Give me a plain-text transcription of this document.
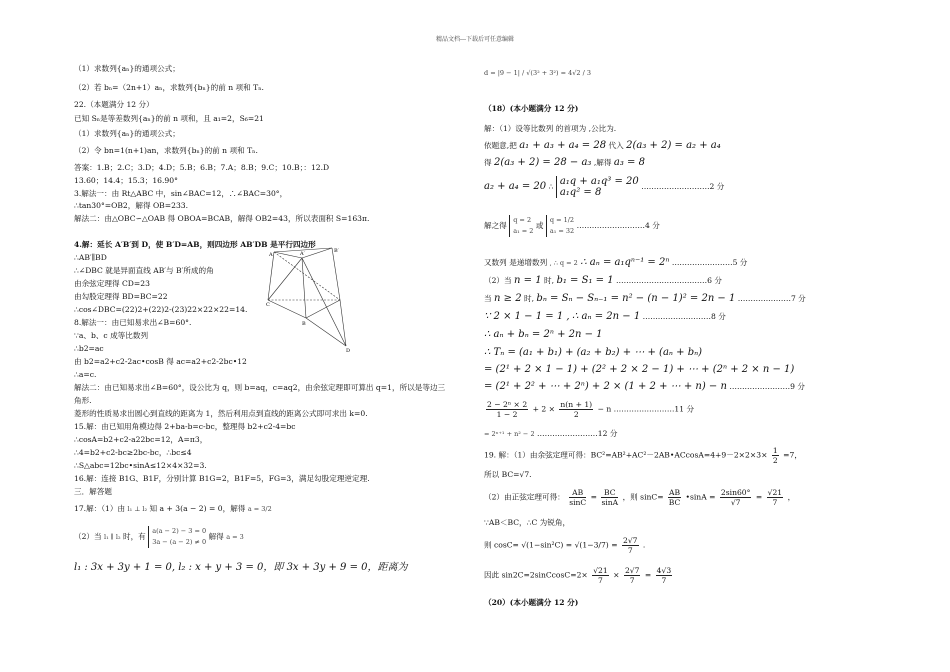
精品文档---下载后可任意编辑
（1）求数列{aₙ}的通项公式；
（2）若 bₙ=（2n+1）aₙ，求数列{bₙ}的前 n 项和 Tₙ.
22.（本题满分 12 分）
已知 Sₙ是等差数列{aₙ}的前 n 项和，且 a₁=2，S₆=21
（1）求数列{aₙ}的通项公式；
（2）令 bn=1(n+1)an，求数列{bₙ}的前 n 项和 Tₙ.
答案：1.B；2.C；3.D；4.D；5.B；6.B；7.A；8.B；9.C；10.B；：12.D
13.60；14.4；15.3；16.90°
3.解法一：由 Rt△ABC 中，sin∠BAC=12，∴∠BAC=30°，
∴tan30°=OB2，解得 OB=233.
解法二：由△OBC∽△OAB 得 OBOA=BCAB，解得 OB2=43，所以表面积 S=163π.
4.解：延长 A′B′到 D，使 B′D=AB，则四边形 AB′DB 是平行四边形
∴AB′∥BD
∴∠DBC 就是异面直线 AB′与 B′所成的角
由余弦定理得 CD=23
由勾股定理得 BD=BC=22
∴cos∠DBC=(22)2+(22)2-(23)22×22×22=14.
8.解法一：由已知易求出∠B=60°.
∵a、b、c 成等比数列
∴b2=ac
由 b2=a2+c2-2ac•cosB 得 ac=a2+c2-2bc•12
∴a=c.
解法二：由已知易求出∠B=60°，设公比为 q，则 b=aq，c=aq2，由余弦定理即可算出 q=1，所以是等边三
角形.
菱形的性质易求出圆心到直线的距离为 1，然后利用点到直线的距离公式即可求出 k=0.
15.解：由已知用角模边得 2+ba-b=c-bc，整理得 b2+c2-4=bc
∴cosA=b2+c2-a22bc=12，A=π3，
∴4=b2+c2-bc≥2bc-bc，∴bc≤4
∴S△abc=12bc•sinA≤12×4×32=3.
16.解：连接 B1G、B1F，分别计算 B1G=2，B1F=5，FG=3，满足勾股定理逆定理.
三．解答题
17.解：（1）由 l₁ ⊥ l₂ 知 a + 3(a − 2) = 0，解得 a = 3/2
（2）当 l₁ ∥ l₂ 时，有
a(a − 2) − 3 = 0
3a − (a − 2) ≠ 0
解得 a = 3
l₁ : 3x + 3y + 1 = 0, l₂ : x + y + 3 = 0，即 3x + 3y + 9 = 0，距离为
A	A′	B′
C
B
D
d = |9 − 1| / √(3² + 3²) = 4√2 / 3
（18）(本小题满分 12 分)
解：（1）设等比数列 的首项为 ,公比为.
依题意,把 a₁ + a₃ + a₄ = 28 代入 2(a₃ + 2) = a₂ + a₄
得 2(a₃ + 2) = 28 − a₃ ,解得 a₃ = 8
a₂ + a₄ = 20 ∴ a₁q + a₁q³ = 20
a₁q² = 8
………………………2 分
解之得
q = 2
a₁ = 2
或
q = 1/2
a₁ = 32
………………………4 分
又数列 是递增数列 , ∴ q = 2 ∴ aₙ = a₁qⁿ⁻¹ = 2ⁿ ……………………5 分
（2）当 n = 1 时, b₁ = S₁ = 1 ………………………………6 分
当 n ≥ 2 时, bₙ = Sₙ − Sₙ₋₁ = n² − (n − 1)² = 2n − 1 …………………7 分
∵ 2 × 1 − 1 = 1 , ∴ aₙ = 2n − 1 ………………………8 分
∴ aₙ + bₙ = 2ⁿ + 2n − 1
∴ Tₙ = (a₁ + b₁) + (a₂ + b₂) + ⋯ + (aₙ + bₙ)
= (2¹ + 2 × 1 − 1) + (2² + 2 × 2 − 1) + ⋯ + (2ⁿ + 2 × n − 1)
= (2¹ + 2² + ⋯ + 2ⁿ) + 2 × (1 + 2 + ⋯ + n) − n ……………………9 分
$\frac{\text{2 − 2ⁿ × 2}}{1 - 2} + 2 \times \frac{n(n + 1)}{2} - n$ ……………………11 分
= 2ⁿ⁺¹ + n² − 2 ……………………12 分
19. 解：（1）由余弦定理可得：BC²=AB²+AC²－2AB•ACcosA=4+9－2×2×3× $\frac{1}{2} =7$，
所以 BC=√7.
（2）由正弦定理可得： $\frac{AB}{\sin C} = \frac{BC}{\sin A}$ ，则 $\sin C= \frac{AB}{BC}$ •sinA = $\frac{2\sin 60^\circ}{√7} = \frac{√21}{7}$ ，
∵AB＜BC，∴C 为锐角，
则 $\cos C= √(1-\sin^2C) = √(1-3/7) = \frac{2√7}{7}$ .
因此 sin2C=2sinCcosC=2× $\frac{√21}{7} \times \frac{2√7}{7} = \frac{4√3}{7}$
（20）(本小题满分 12 分)
